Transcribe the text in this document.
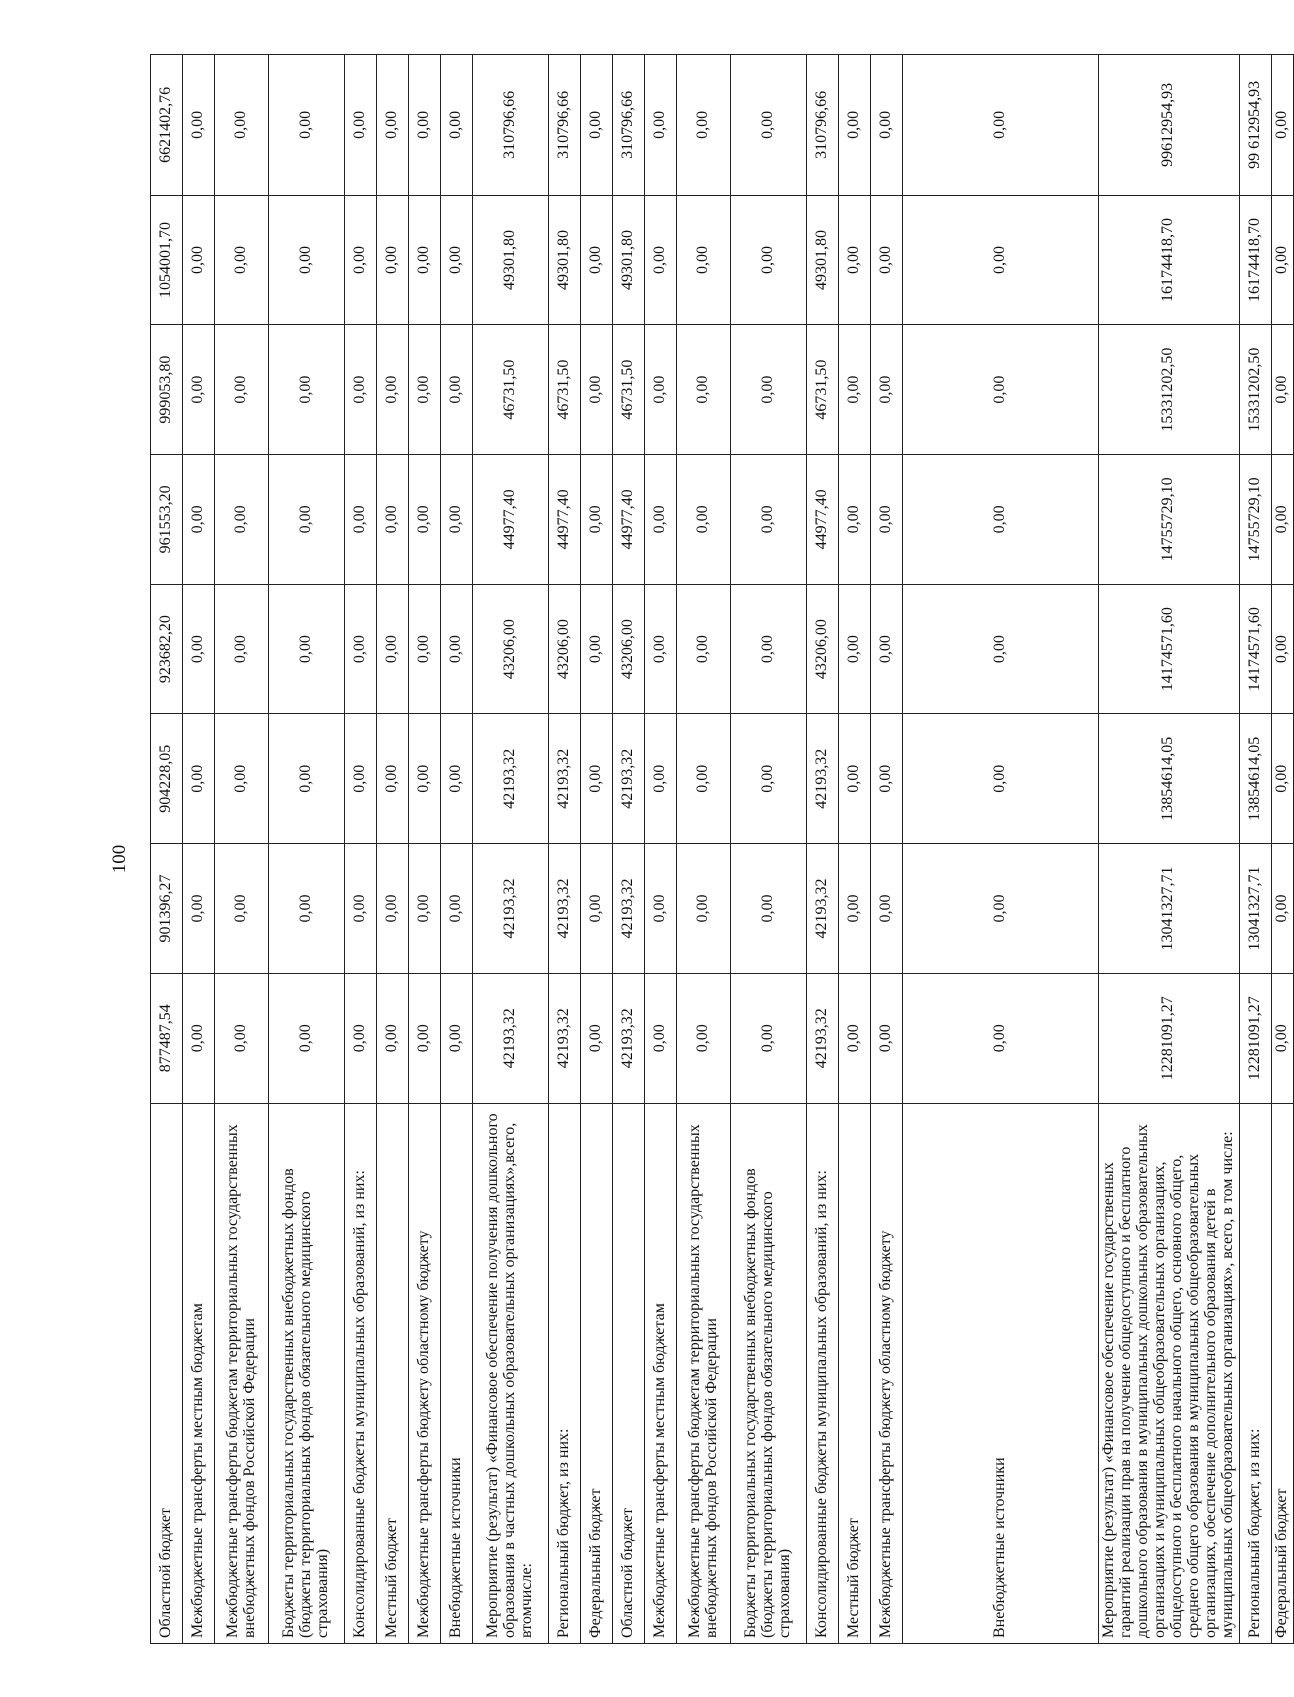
100
Областной бюджет	877487,54	901396,27	904228,05	923682,20	961553,20	999053,80	1054001,70	6621402,76
Межбюджетные трансферты местным бюджетам	0,00	0,00	0,00	0,00	0,00	0,00	0,00	0,00
Межбюджетные трансферты бюджетам территориальных государственных внебюджетных фондов Российской Федерации	0,00	0,00	0,00	0,00	0,00	0,00	0,00	0,00
Бюджеты территориальных государственных внебюджетных фондов (бюджеты территориальных фондов обязательного медицинского страхования)	0,00	0,00	0,00	0,00	0,00	0,00	0,00	0,00
Консолидированные бюджеты муниципальных образований, из них:	0,00	0,00	0,00	0,00	0,00	0,00	0,00	0,00
Местный бюджет	0,00	0,00	0,00	0,00	0,00	0,00	0,00	0,00
Межбюджетные трансферты бюджету областному бюджету	0,00	0,00	0,00	0,00	0,00	0,00	0,00	0,00
Внебюджетные источники	0,00	0,00	0,00	0,00	0,00	0,00	0,00	0,00
Мероприятие (результат) «Финансовое обеспечение получения дошкольного образования в частных дошкольных образовательных организациях»,всего, втомчисле:	42193,32	42193,32	42193,32	43206,00	44977,40	46731,50	49301,80	310796,66
Региональный бюджет, из них:	42193,32	42193,32	42193,32	43206,00	44977,40	46731,50	49301,80	310796,66
Федеральный бюджет	0,00	0,00	0,00	0,00	0,00	0,00	0,00	0,00
Областной бюджет	42193,32	42193,32	42193,32	43206,00	44977,40	46731,50	49301,80	310796,66
Межбюджетные трансферты местным бюджетам	0,00	0,00	0,00	0,00	0,00	0,00	0,00	0,00
Межбюджетные трансферты бюджетам территориальных государственных внебюджетных фондов Российской Федерации	0,00	0,00	0,00	0,00	0,00	0,00	0,00	0,00
Бюджеты территориальных государственных внебюджетных фондов (бюджеты территориальных фондов обязательного медицинского страхования)	0,00	0,00	0,00	0,00	0,00	0,00	0,00	0,00
Консолидированные бюджеты муниципальных образований, из них:	42193,32	42193,32	42193,32	43206,00	44977,40	46731,50	49301,80	310796,66
Местный бюджет	0,00	0,00	0,00	0,00	0,00	0,00	0,00	0,00
Межбюджетные трансферты бюджету областному бюджету	0,00	0,00	0,00	0,00	0,00	0,00	0,00	0,00
Внебюджетные источники	0,00	0,00	0,00	0,00	0,00	0,00	0,00	0,00
Мероприятие (результат) «Финансовое обеспечение государственных гарантий реализации прав на получение общедоступного и бесплатного дошкольного образования в муниципальных дошкольных образовательных организациях и муниципальных общеобразовательных организациях, общедоступного и бесплатного начального общего, основного общего, среднего общего образования в муниципальных общеобразовательных организациях, обеспечение дополнительного образования детей в муниципальных общеобразовательных организациях», всего, в том числе:	12281091,27	13041327,71	13854614,05	14174571,60	14755729,10	15331202,50	16174418,70	99612954,93
Региональный бюджет, из них:	12281091,27	13041327,71	13854614,05	14174571,60	14755729,10	15331202,50	16174418,70	99 612954,93
Федеральный бюджет	0,00	0,00	0,00	0,00	0,00	0,00	0,00	0,00
